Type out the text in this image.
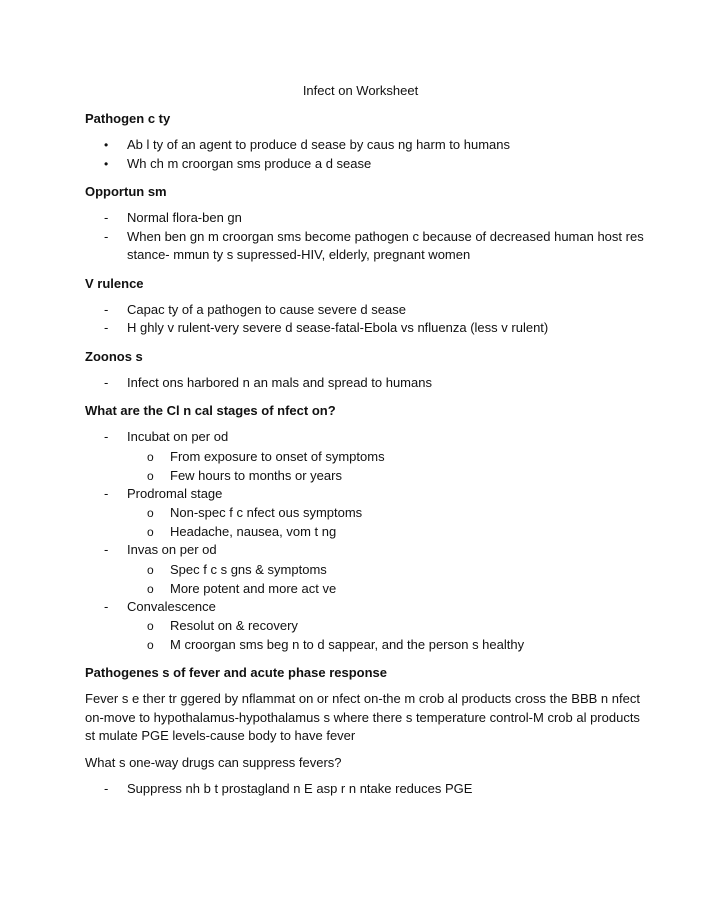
Infect on Worksheet

Pathogen c ty

• Ab l ty of an agent to produce d sease by caus ng harm to humans
• Wh ch m croorgan sms produce a d sease

Opportun sm

- Normal flora-ben gn
- When ben gn m croorgan sms become pathogen c because of decreased human host res stance- mmun ty s supressed-HIV, elderly, pregnant women

V rulence

- Capac ty of a pathogen to cause severe d sease
- H ghly v rulent-very severe d sease-fatal-Ebola vs nfluenza (less v rulent)

Zoonos s

- Infect ons harbored n an mals and spread to humans

What are the Cl n cal stages of nfect on?

- Incubat on per od
o From exposure to onset of symptoms
o Few hours to months or years
- Prodromal stage
o Non-spec f c nfect ous symptoms
o Headache, nausea, vom t ng
- Invas on per od
o Spec f c s gns & symptoms
o More potent and more act ve
- Convalescence
o Resolut on & recovery
o M croorgan sms beg n to d sappear, and the person s healthy

Pathogenes s of fever and acute phase response

Fever s e ther tr ggered by nflammat on or nfect on-the m crob al products cross the BBB n nfect on-move to hypothalamus-hypothalamus s where there s temperature control-M crob al products st mulate PGE levels-cause body to have fever

What s one-way drugs can suppress fevers?

- Suppress nh b t prostagland n E asp r n ntake reduces PGE
